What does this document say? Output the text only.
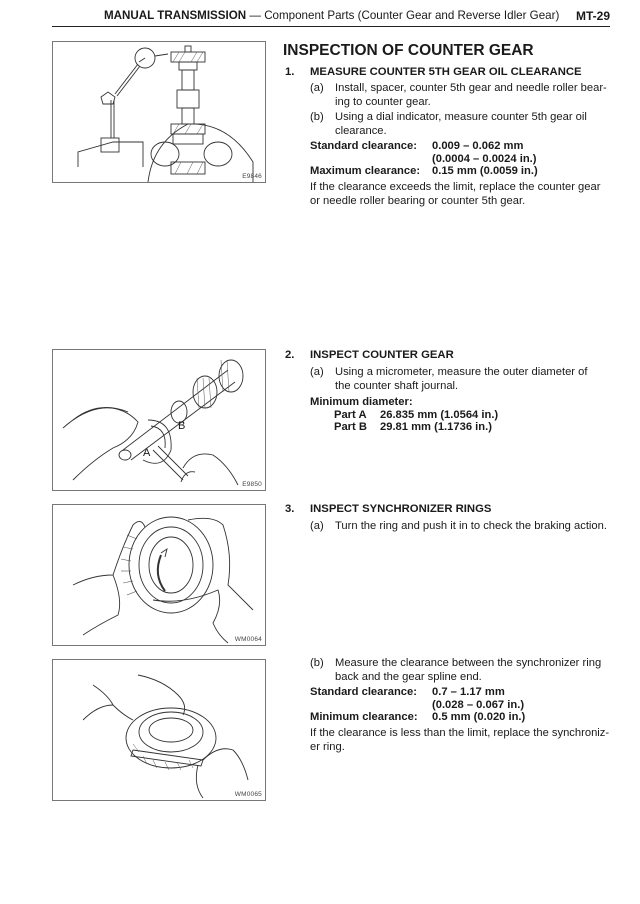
MANUAL TRANSMISSION — Component Parts (Counter Gear and Reverse Idler Gear) MT-29
E9846
B
A
E9850
WM0064
WM0065
INSPECTION OF COUNTER GEAR
1. MEASURE COUNTER 5TH GEAR OIL CLEARANCE
(a) Install, spacer, counter 5th gear and needle roller bear-
ing to counter gear.
(b) Using a dial indicator, measure counter 5th gear oil
clearance.
Standard clearance: 0.009 – 0.062 mm
(0.0004 – 0.0024 in.)
Maximum clearance: 0.15 mm (0.0059 in.)
If the clearance exceeds the limit, replace the counter gear
or needle roller bearing or counter 5th gear.
2. INSPECT COUNTER GEAR
(a) Using a micrometer, measure the outer diameter of
the counter shaft journal.
Minimum diameter:
Part A 26.835 mm (1.0564 in.)
Part B 29.81 mm (1.1736 in.)
3. INSPECT SYNCHRONIZER RINGS
(a) Turn the ring and push it in to check the braking action.
(b) Measure the clearance between the synchronizer ring
back and the gear spline end.
Standard clearance: 0.7 – 1.17 mm
(0.028 – 0.067 in.)
Minimum clearance: 0.5 mm (0.020 in.)
If the clearance is less than the limit, replace the synchroniz-
er ring.
